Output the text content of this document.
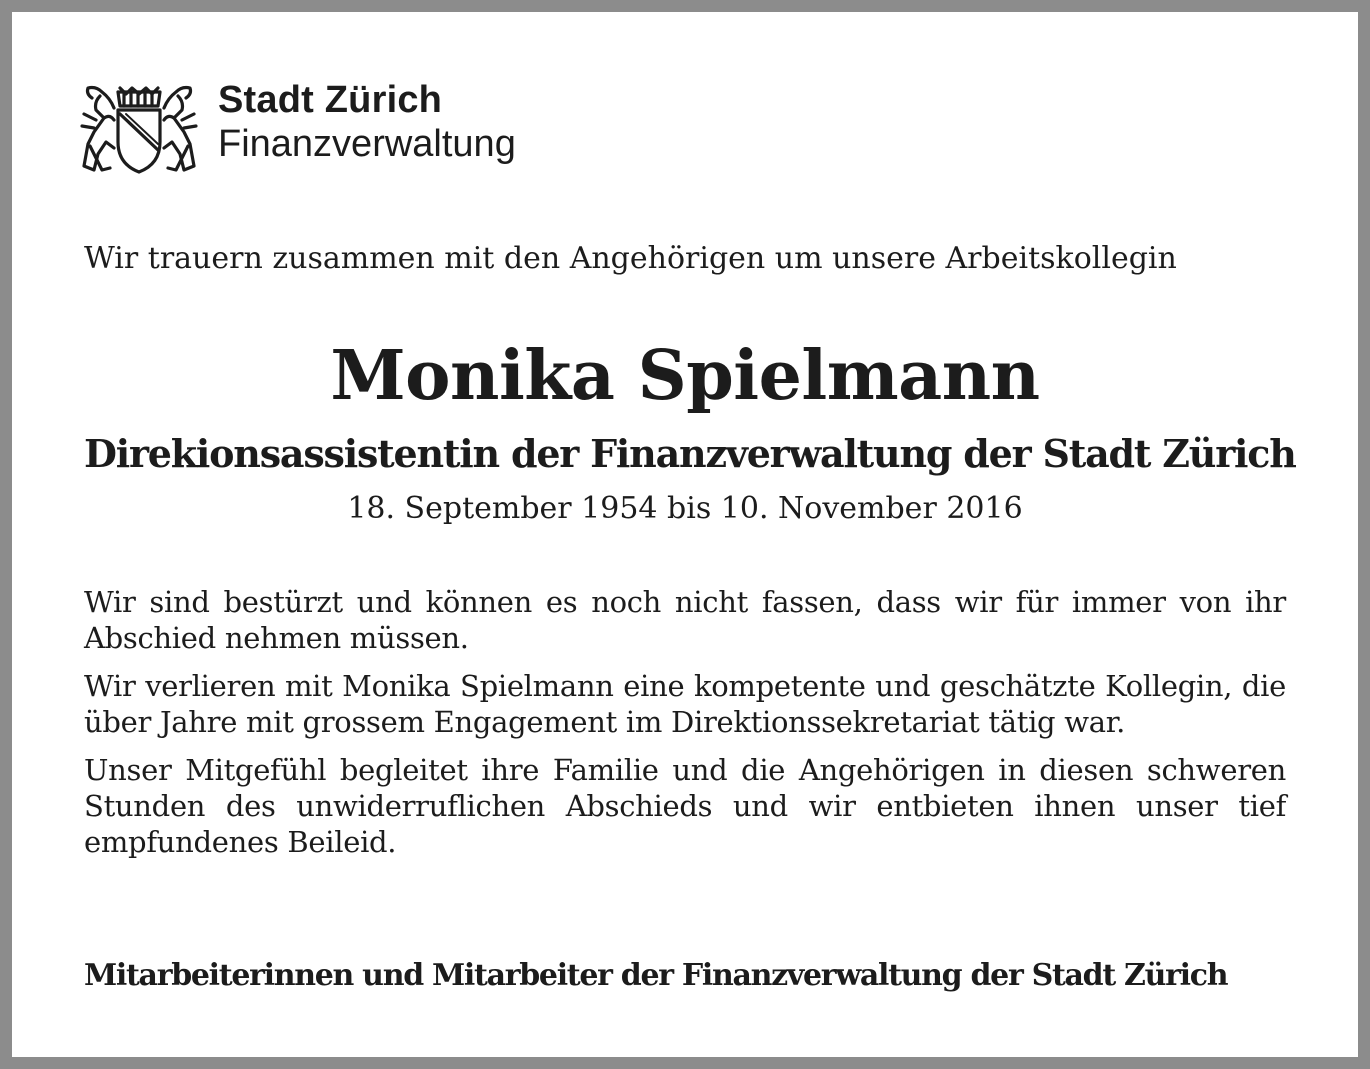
Stadt Zürich
Finanzverwaltung
Wir trauern zusammen mit den Angehörigen um unsere Arbeitskollegin
Monika Spielmann
Direkionsassistentin der Finanzverwaltung der Stadt Zürich
18. September 1954 bis 10. November 2016

Wir sind bestürzt und können es noch nicht fassen, dass wir für immer von ihr Abschied nehmen müssen.

Wir verlieren mit Monika Spielmann eine kompetente und geschätzte Kollegin, die über Jahre mit grossem Engagement im Direktionssekretariat tätig war.

Unser Mitgefühl begleitet ihre Familie und die Angehörigen in diesen schweren Stunden des unwiderruflichen Abschieds und wir entbieten ihnen unser tief empfundenes Beileid.

Mitarbeiterinnen und Mitarbeiter der Finanzverwaltung der Stadt Zürich
